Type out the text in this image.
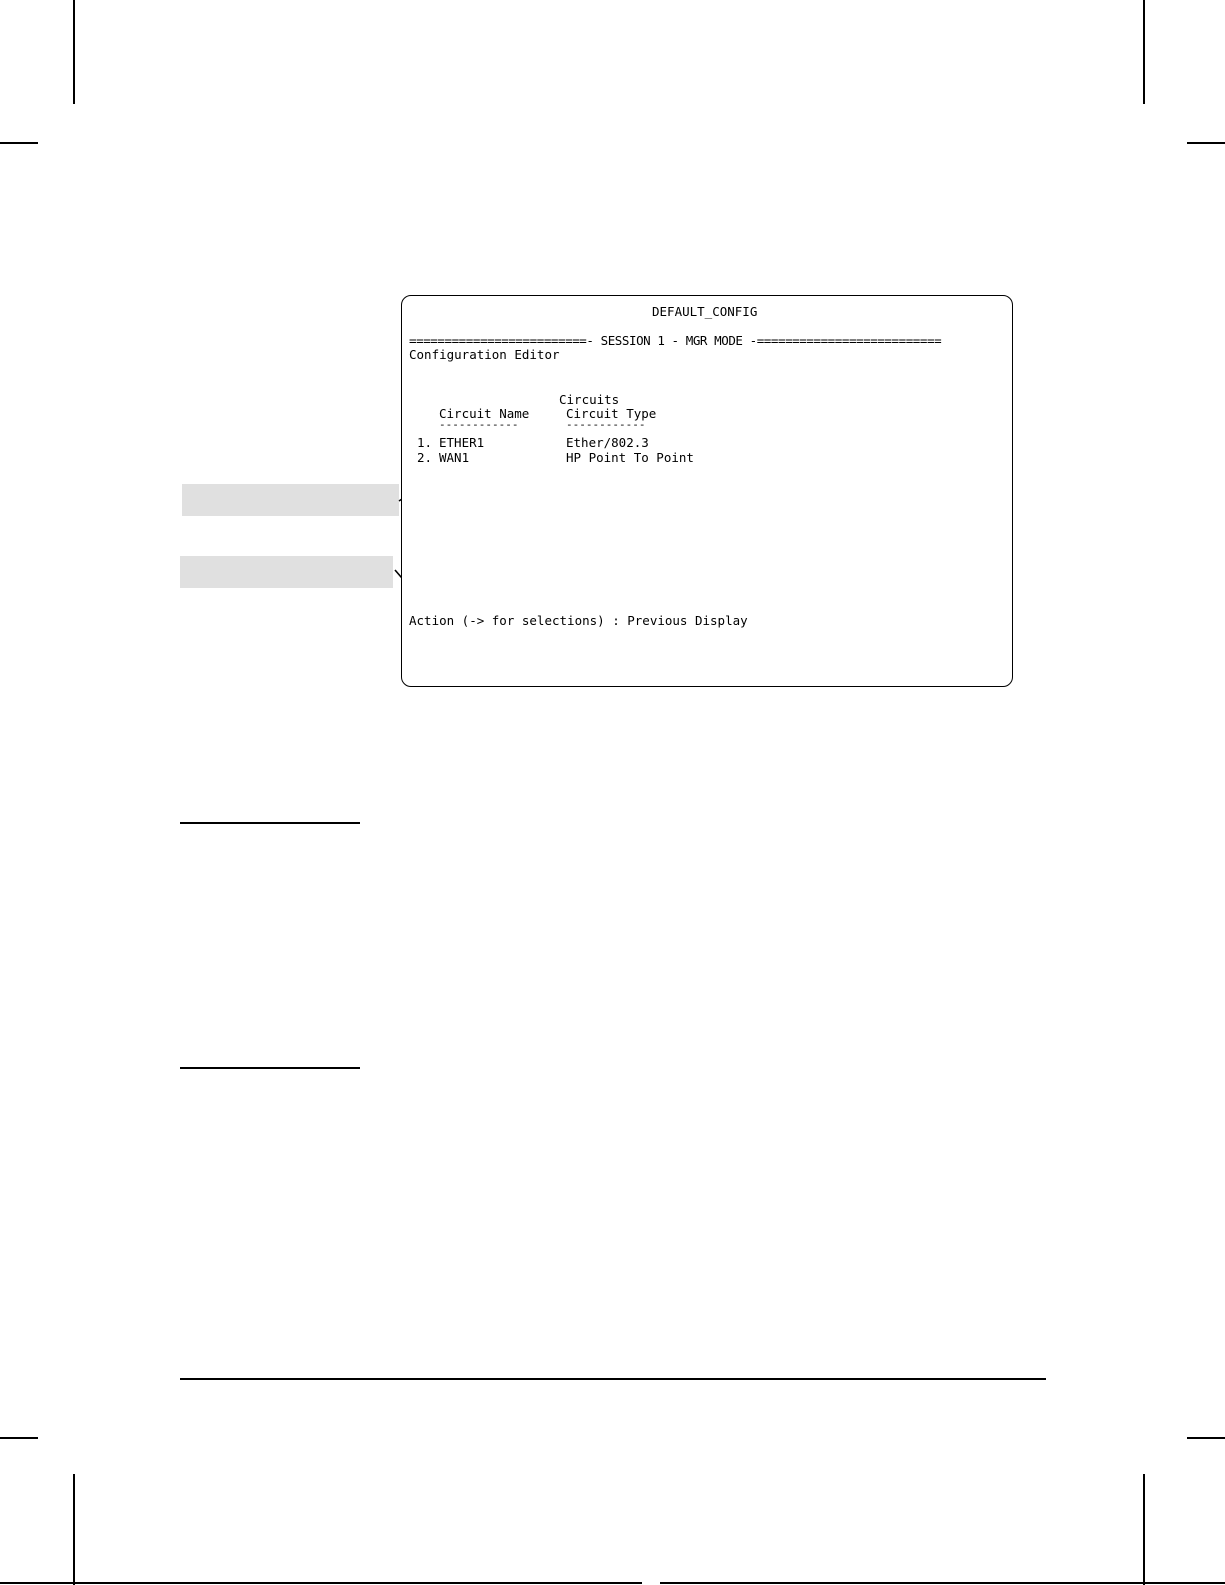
DEFAULT_CONFIG
=========================- SESSION 1 - MGR MODE -==========================
Configuration Editor
Circuits
Circuit Name	Circuit Type
------------	------------
1. ETHER1	Ether/802.3
2. WAN1	HP Point To Point
Action (-> for selections) : Previous Display
